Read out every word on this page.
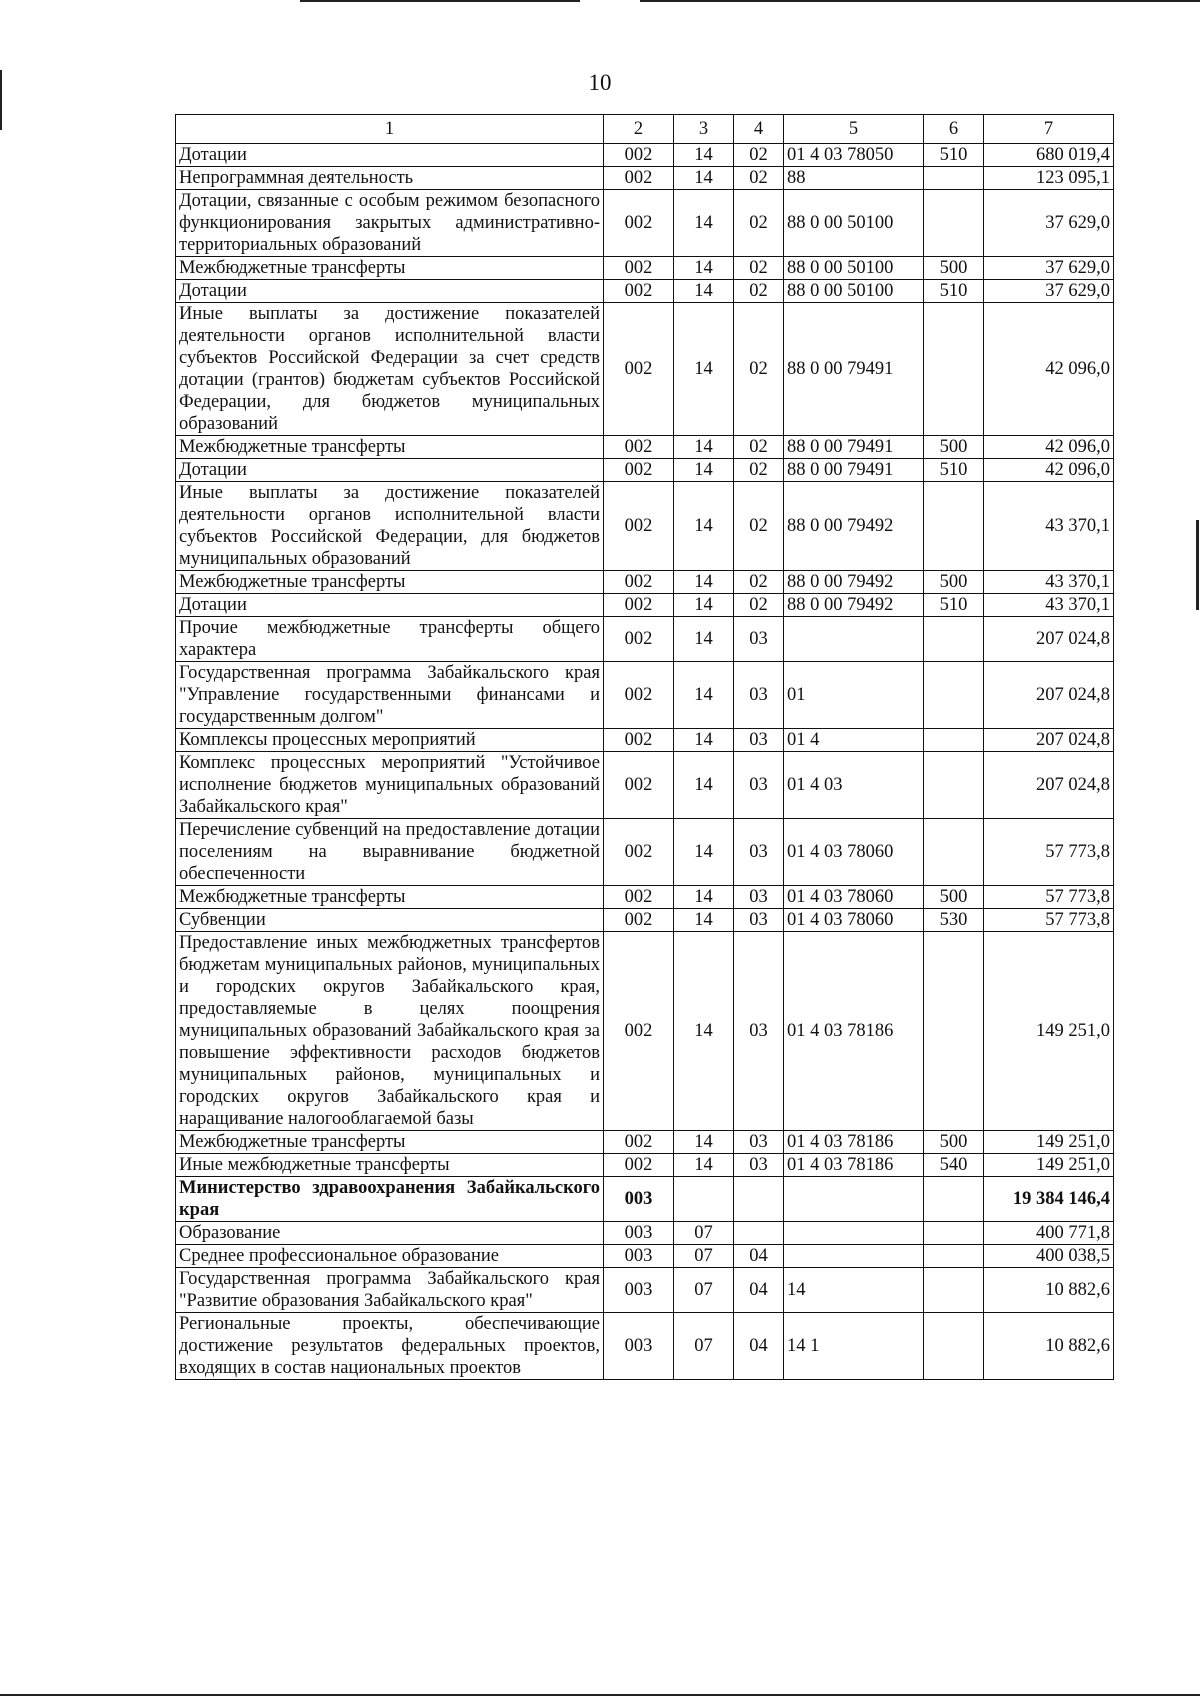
10
1	2	3	4	5	6	7
Дотации	002	14	02	01 4 03 78050	510	680 019,4
Непрограммная деятельность	002	14	02	88		123 095,1
Дотации, связанные с особым режимом безопасного функционирования закрытых административно-территориальных образований	002	14	02	88 0 00 50100		37 629,0
Межбюджетные трансферты	002	14	02	88 0 00 50100	500	37 629,0
Дотации	002	14	02	88 0 00 50100	510	37 629,0
Иные выплаты за достижение показателей деятельности органов исполнительной власти субъектов Российской Федерации за счет средств дотации (грантов) бюджетам субъектов Российской Федерации, для бюджетов муниципальных образований	002	14	02	88 0 00 79491		42 096,0
Межбюджетные трансферты	002	14	02	88 0 00 79491	500	42 096,0
Дотации	002	14	02	88 0 00 79491	510	42 096,0
Иные выплаты за достижение показателей деятельности органов исполнительной власти субъектов Российской Федерации, для бюджетов муниципальных образований	002	14	02	88 0 00 79492		43 370,1
Межбюджетные трансферты	002	14	02	88 0 00 79492	500	43 370,1
Дотации	002	14	02	88 0 00 79492	510	43 370,1
Прочие межбюджетные трансферты общего характера	002	14	03			207 024,8
Государственная программа Забайкальского края "Управление государственными финансами и государственным долгом"	002	14	03	01		207 024,8
Комплексы процессных мероприятий	002	14	03	01 4		207 024,8
Комплекс процессных мероприятий "Устойчивое исполнение бюджетов муниципальных образований Забайкальского края"	002	14	03	01 4 03		207 024,8
Перечисление субвенций на предоставление дотации поселениям на выравнивание бюджетной обеспеченности	002	14	03	01 4 03 78060		57 773,8
Межбюджетные трансферты	002	14	03	01 4 03 78060	500	57 773,8
Субвенции	002	14	03	01 4 03 78060	530	57 773,8
Предоставление иных межбюджетных трансфертов бюджетам муниципальных районов, муниципальных и городских округов Забайкальского края, предоставляемые в целях поощрения муниципальных образований Забайкальского края за повышение эффективности расходов бюджетов муниципальных районов, муниципальных и городских округов Забайкальского края и наращивание налогооблагаемой базы	002	14	03	01 4 03 78186		149 251,0
Межбюджетные трансферты	002	14	03	01 4 03 78186	500	149 251,0
Иные межбюджетные трансферты	002	14	03	01 4 03 78186	540	149 251,0
Министерство здравоохранения Забайкальского края	003					19 384 146,4
Образование	003	07				400 771,8
Среднее профессиональное образование	003	07	04			400 038,5
Государственная программа Забайкальского края "Развитие образования Забайкальского края"	003	07	04	14		10 882,6
Региональные проекты, обеспечивающие достижение результатов федеральных проектов, входящих в состав национальных проектов	003	07	04	14 1		10 882,6
